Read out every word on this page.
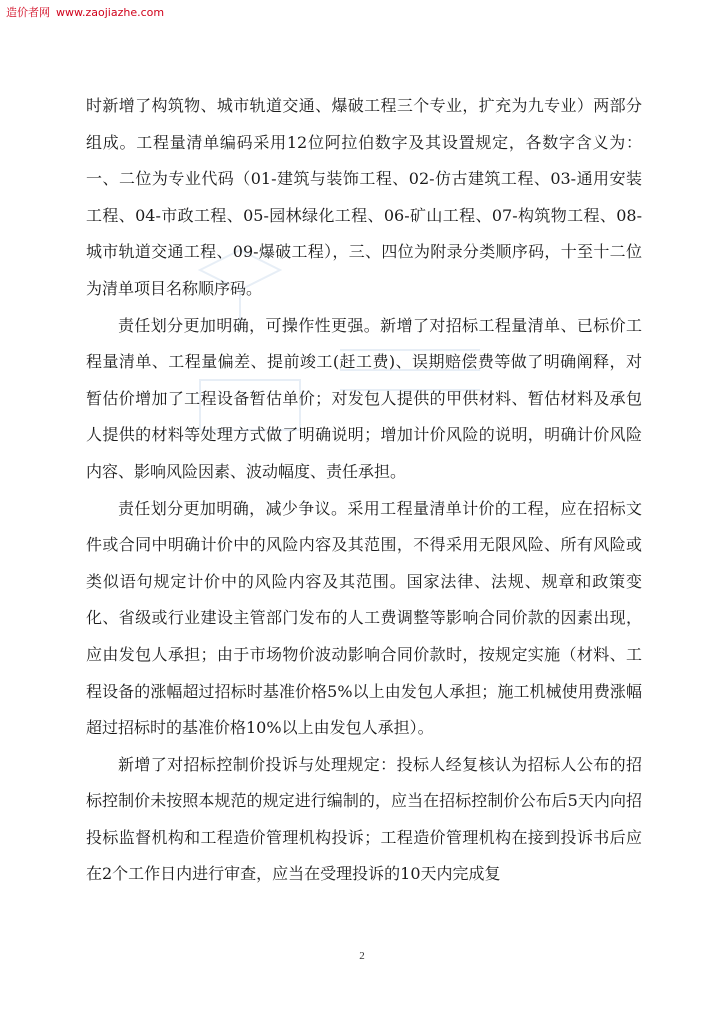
造价者网 www.zaojiazhe.com

时新增了构筑物、城市轨道交通、爆破工程三个专业，扩充为九专业）两部分组成。工程量清单编码采用12位阿拉伯数字及其设置规定，各数字含义为：一、二位为专业代码（01-建筑与装饰工程、02-仿古建筑工程、03-通用安装工程、04-市政工程、05-园林绿化工程、06-矿山工程、07-构筑物工程、08-城市轨道交通工程、09-爆破工程），三、四位为附录分类顺序码，十至十二位为清单项目名称顺序码。

责任划分更加明确，可操作性更强。新增了对招标工程量清单、已标价工程量清单、工程量偏差、提前竣工(赶工费)、误期赔偿费等做了明确阐释，对暂估价增加了工程设备暂估单价；对发包人提供的甲供材料、暂估材料及承包人提供的材料等处理方式做了明确说明；增加计价风险的说明，明确计价风险内容、影响风险因素、波动幅度、责任承担。

责任划分更加明确，减少争议。采用工程量清单计价的工程，应在招标文件或合同中明确计价中的风险内容及其范围，不得采用无限风险、所有风险或类似语句规定计价中的风险内容及其范围。国家法律、法规、规章和政策变化、省级或行业建设主管部门发布的人工费调整等影响合同价款的因素出现，应由发包人承担；由于市场物价波动影响合同价款时，按规定实施（材料、工程设备的涨幅超过招标时基准价格5%以上由发包人承担；施工机械使用费涨幅超过招标时的基准价格10%以上由发包人承担）。

新增了对招标控制价投诉与处理规定：投标人经复核认为招标人公布的招标控制价未按照本规范的规定进行编制的，应当在招标控制价公布后5天内向招投标监督机构和工程造价管理机构投诉；工程造价管理机构在接到投诉书后应在2个工作日内进行审查，应当在受理投诉的10天内完成复

2
